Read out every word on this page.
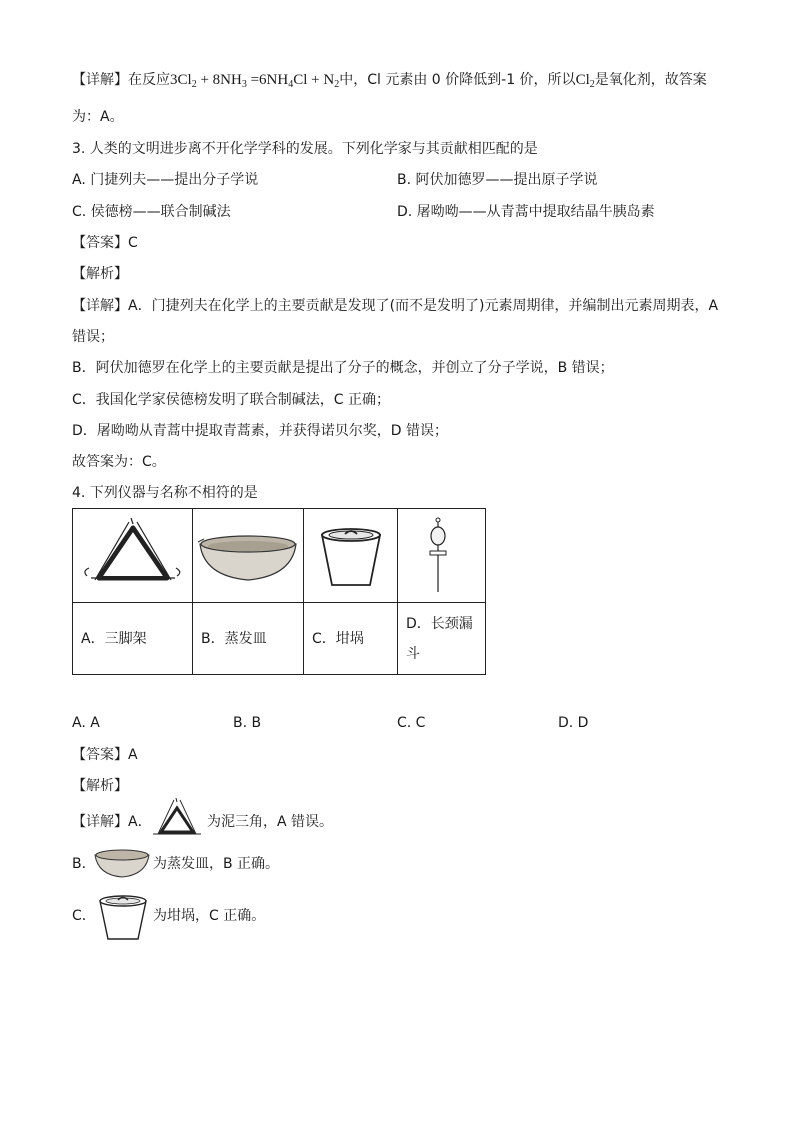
【详解】在反应$3Cl_2 + 8NH_3 =6NH_4Cl + N_2$中，Cl 元素由 0 价降低到-1 价，所以$Cl_2$是氧化剂，故答案
为：A。
3. 人类的文明进步离不开化学学科的发展。下列化学家与其贡献相匹配的是
A. 门捷列夫——提出分子学说	B. 阿伏加德罗——提出原子学说
C. 侯德榜——联合制碱法	D. 屠呦呦——从青蒿中提取结晶牛胰岛素
【答案】C
【解析】
【详解】A．门捷列夫在化学上的主要贡献是发现了(而不是发明了)元素周期律，并编制出元素周期表，A
错误；
B．阿伏加德罗在化学上的主要贡献是提出了分子的概念，并创立了分子学说，B 错误；
C．我国化学家侯德榜发明了联合制碱法，C 正确；
D．屠呦呦从青蒿中提取青蒿素，并获得诺贝尔奖，D 错误；
故答案为：C。
4. 下列仪器与名称不相符的是

A．三脚架	B．蒸发皿	C．坩埚	D．长颈漏
斗
A. A	B. B	C. C	D. D
【答案】A
【解析】
【详解】A．	为泥三角，A 错误。
B．	为蒸发皿，B 正确。
C．	为坩埚，C 正确。
